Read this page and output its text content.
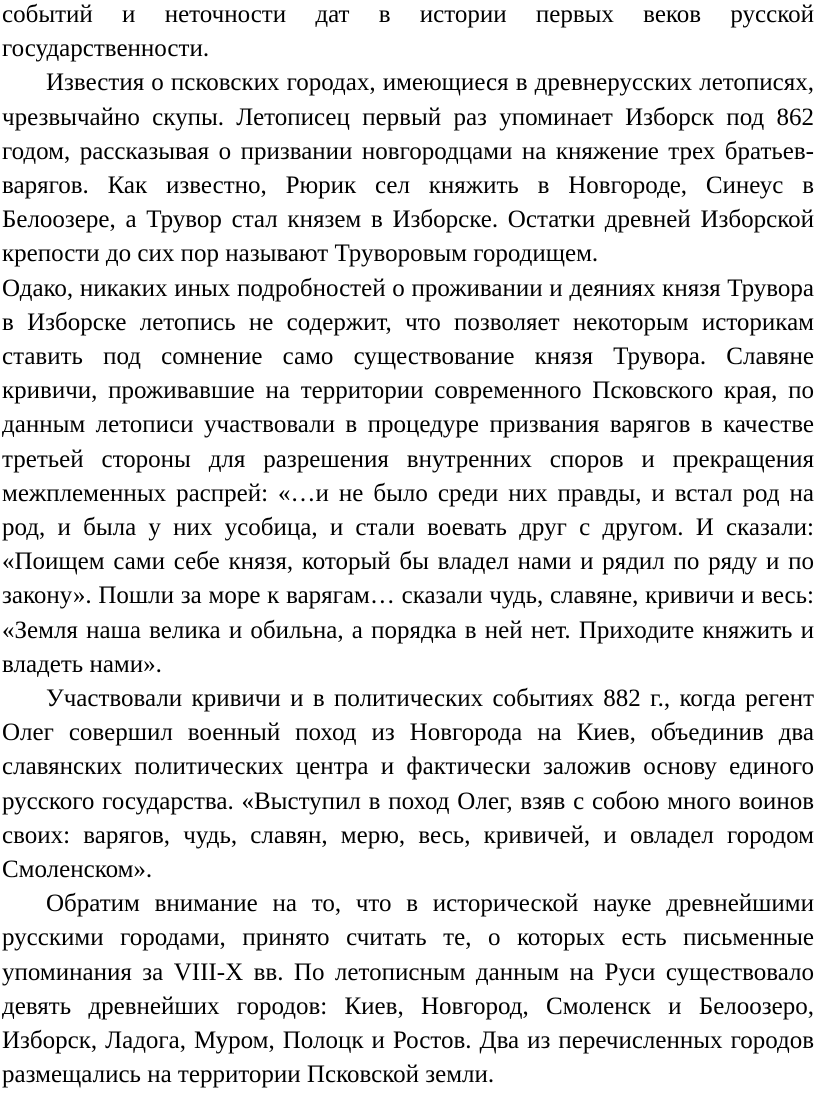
событий и неточности дат в истории первых веков русской государственности.

Известия о псковских городах, имеющиеся в древнерусских летописях, чрезвычайно скупы. Летописец первый раз упоминает Изборск под 862 годом, рассказывая о призвании новгородцами на княжение трех братьев-варягов. Как известно, Рюрик сел княжить в Новгороде, Синеус в Белоозере, а Трувор стал князем в Изборске. Остатки древней Изборской крепости до сих пор называют Труворовым городищем.

Одако, никаких иных подробностей о проживании и деяниях князя Трувора в Изборске летопись не содержит, что позволяет некоторым историкам ставить под сомнение само существование князя Трувора. Славяне кривичи, проживавшие на территории современного Псковского края, по данным летописи участвовали в процедуре призвания варягов в качестве третьей стороны для разрешения внутренних споров и прекращения межплеменных распрей: «…и не было среди них правды, и встал род на род, и была у них усобица, и стали воевать друг с другом. И сказали: «Поищем сами себе князя, который бы владел нами и рядил по ряду и по закону». Пошли за море к варягам… сказали чудь, славяне, кривичи и весь: «Земля наша велика и обильна, а порядка в ней нет. Приходите княжить и владеть нами».

Участвовали кривичи и в политических событиях 882 г., когда регент Олег совершил военный поход из Новгорода на Киев, объединив два славянских политических центра и фактически заложив основу единого русского государства. «Выступил в поход Олег, взяв с собою много воинов своих: варягов, чудь, славян, мерю, весь, кривичей, и овладел городом Смоленском».

Обратим внимание на то, что в исторической науке древнейшими русскими городами, принято считать те, о которых есть письменные упоминания за VIII-X вв. По летописным данным на Руси существовало девять древнейших городов: Киев, Новгород, Смоленск и Белоозеро, Изборск, Ладога, Муром, Полоцк и Ростов. Два из перечисленных городов размещались на территории Псковской земли.
